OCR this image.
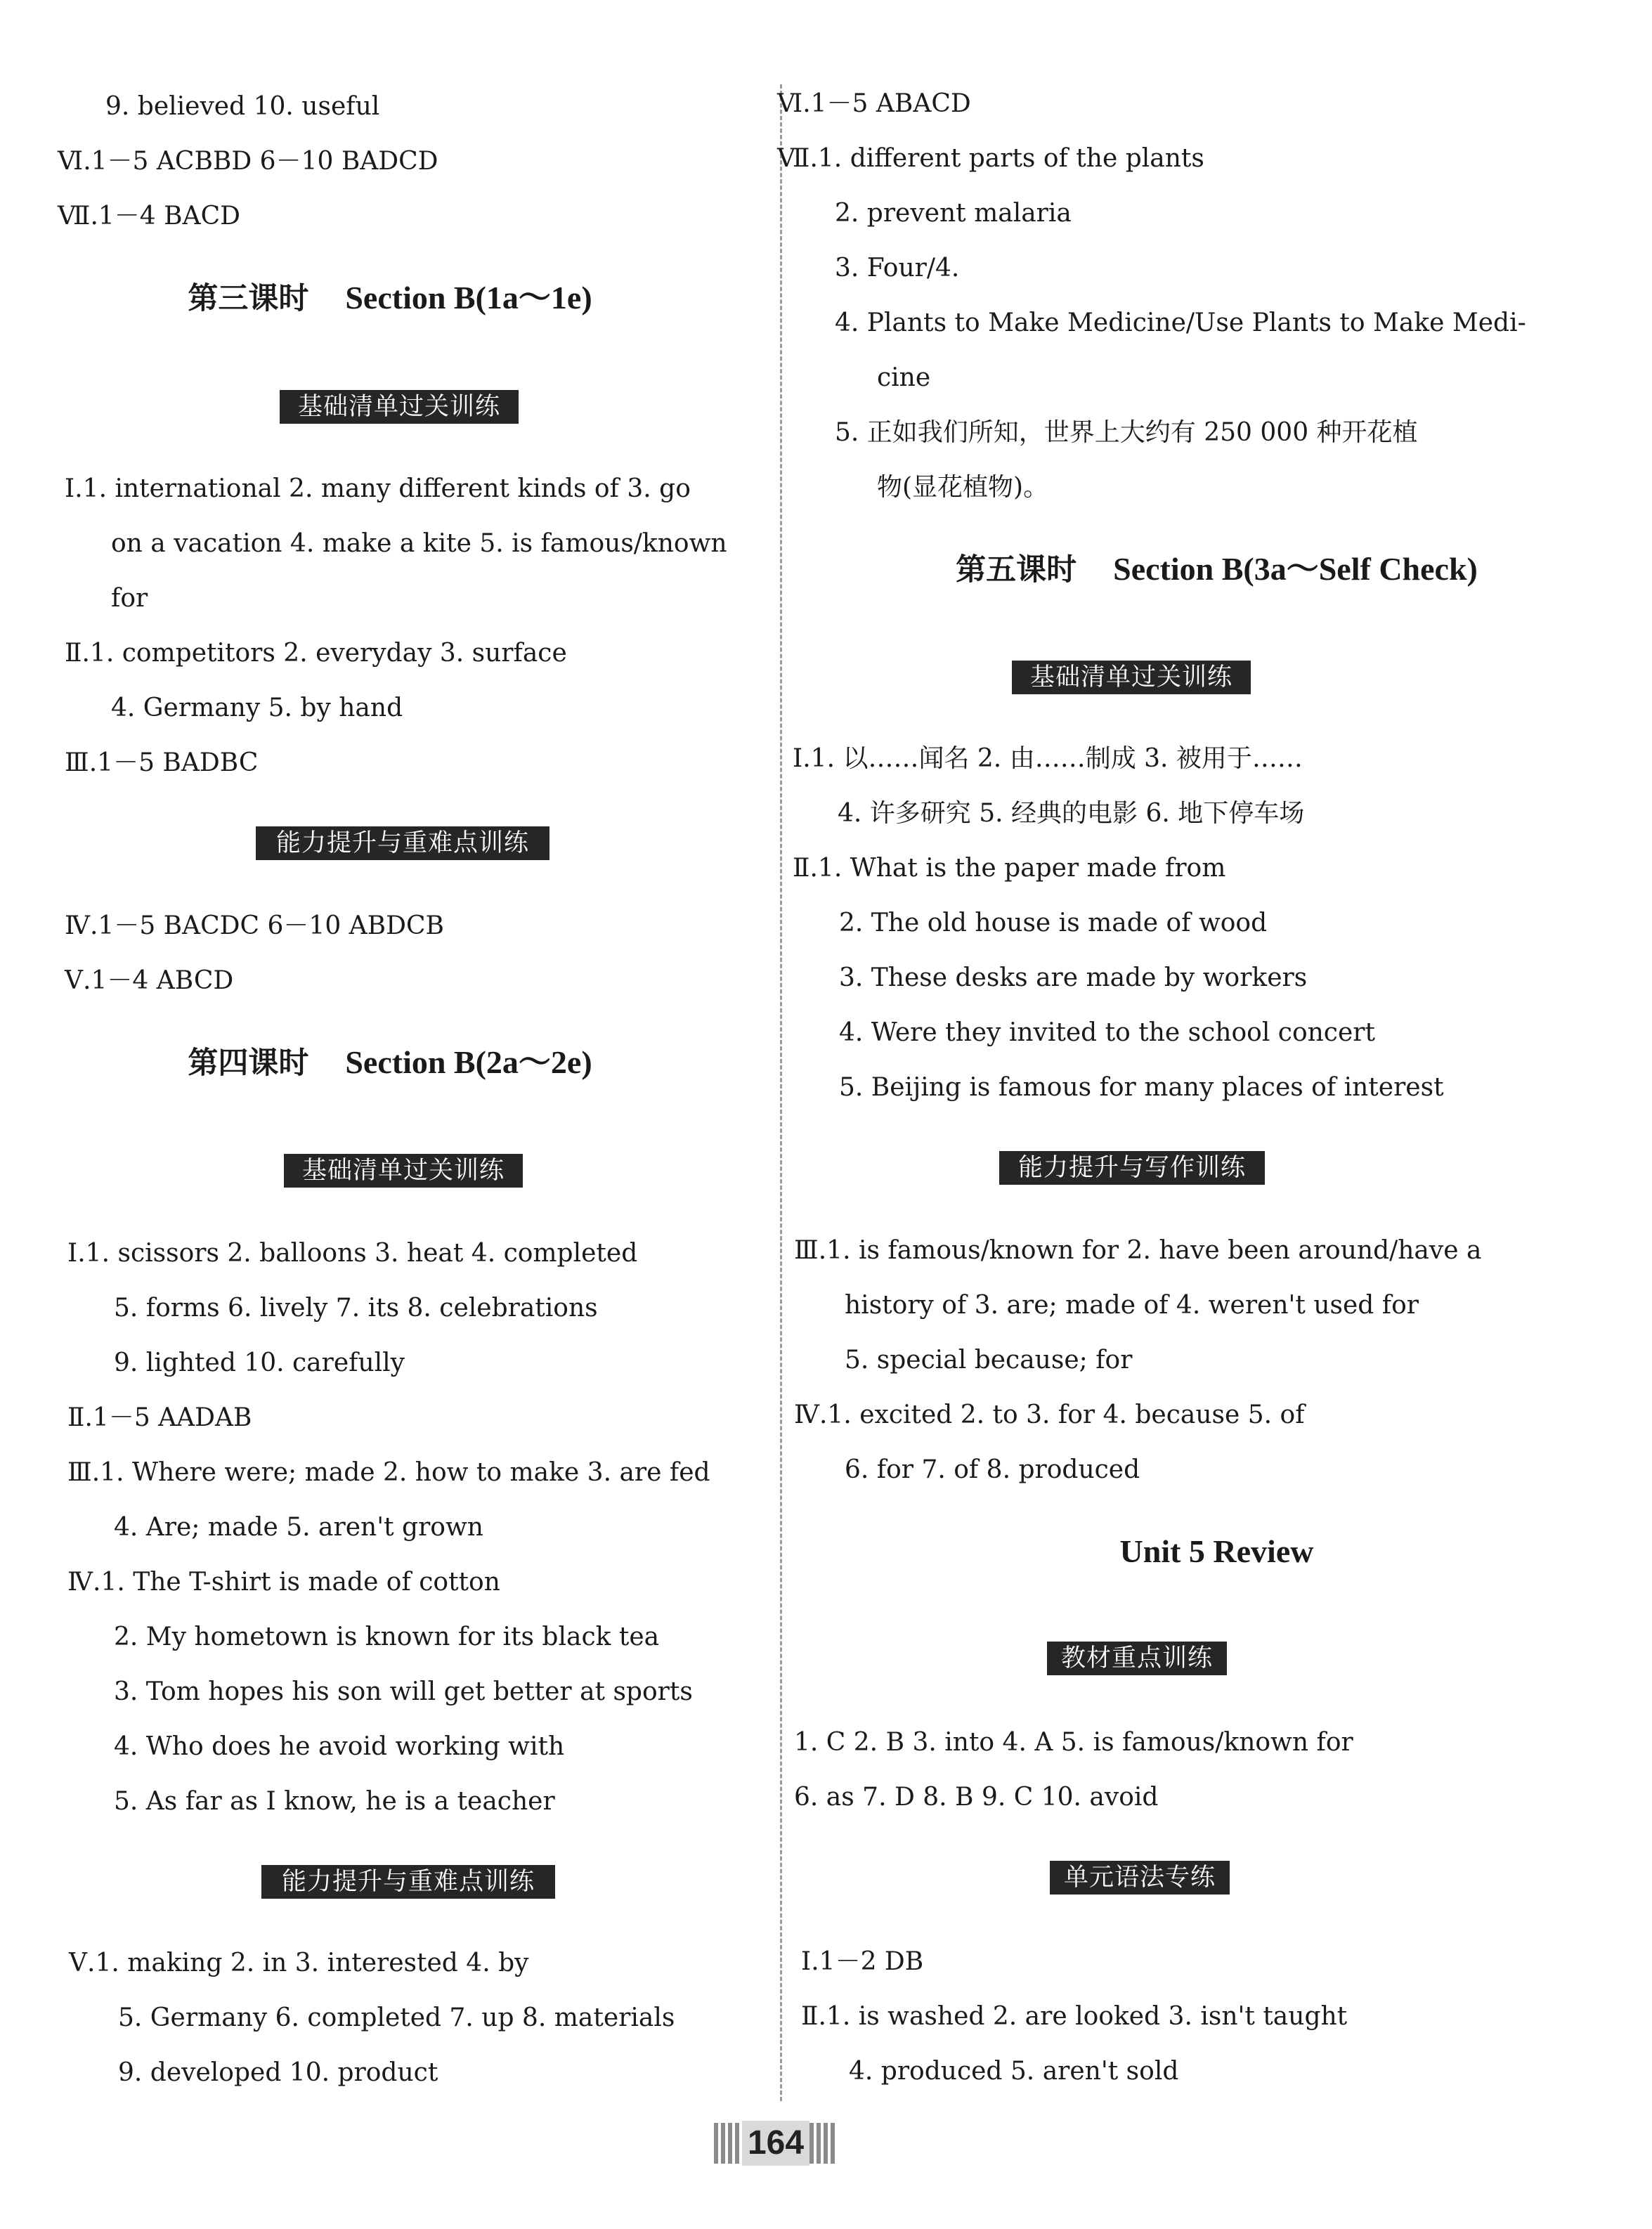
9. believed 10. useful
Ⅵ.1－5 ACBBD 6－10 BADCD
Ⅶ.1－4 BACD
第三课时 Section B(1a～1e)
基础清单过关训练
Ⅰ.1. international 2. many different kinds of 3. go
on a vacation 4. make a kite 5. is famous/known
for
Ⅱ.1. competitors 2. everyday 3. surface
4. Germany 5. by hand
Ⅲ.1－5 BADBC
能力提升与重难点训练
Ⅳ.1－5 BACDC 6－10 ABDCB
Ⅴ.1－4 ABCD
第四课时 Section B(2a～2e)
基础清单过关训练
Ⅰ.1. scissors 2. balloons 3. heat 4. completed
5. forms 6. lively 7. its 8. celebrations
9. lighted 10. carefully
Ⅱ.1－5 AADAB
Ⅲ.1. Where were; made 2. how to make 3. are fed
4. Are; made 5. aren't grown
Ⅳ.1. The T-shirt is made of cotton
2. My hometown is known for its black tea
3. Tom hopes his son will get better at sports
4. Who does he avoid working with
5. As far as I know, he is a teacher
能力提升与重难点训练
Ⅴ.1. making 2. in 3. interested 4. by
5. Germany 6. completed 7. up 8. materials
9. developed 10. product
Ⅵ.1－5 ABACD
Ⅶ.1. different parts of the plants
2. prevent malaria
3. Four/4.
4. Plants to Make Medicine/Use Plants to Make Medi-
cine
5. 正如我们所知，世界上大约有 250 000 种开花植
物(显花植物)。
第五课时 Section B(3a～Self Check)
基础清单过关训练
Ⅰ.1. 以……闻名 2. 由……制成 3. 被用于……
4. 许多研究 5. 经典的电影 6. 地下停车场
Ⅱ.1. What is the paper made from
2. The old house is made of wood
3. These desks are made by workers
4. Were they invited to the school concert
5. Beijing is famous for many places of interest
能力提升与写作训练
Ⅲ.1. is famous/known for 2. have been around/have a
history of 3. are; made of 4. weren't used for
5. special because; for
Ⅳ.1. excited 2. to 3. for 4. because 5. of
6. for 7. of 8. produced
Unit 5 Review
教材重点训练
1. C 2. B 3. into 4. A 5. is famous/known for
6. as 7. D 8. B 9. C 10. avoid
单元语法专练
Ⅰ.1－2 DB
Ⅱ.1. is washed 2. are looked 3. isn't taught
4. produced 5. aren't sold
164
